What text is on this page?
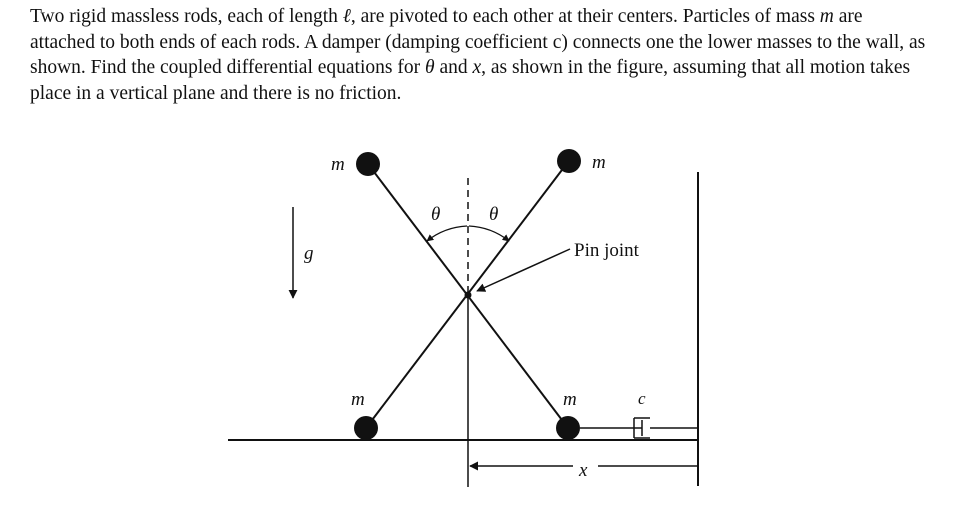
Two rigid massless rods, each of length ℓ, are pivoted to each other at their centers. Particles of mass m are attached to both ends of each rods. A damper (damping coefficient c) connects one the lower masses to the wall, as shown. Find the coupled differential equations for θ and x, as shown in the figure, assuming that all motion takes place in a vertical plane and there is no friction.

m	m
m	m
θ	θ
g	Pin joint
c
x
